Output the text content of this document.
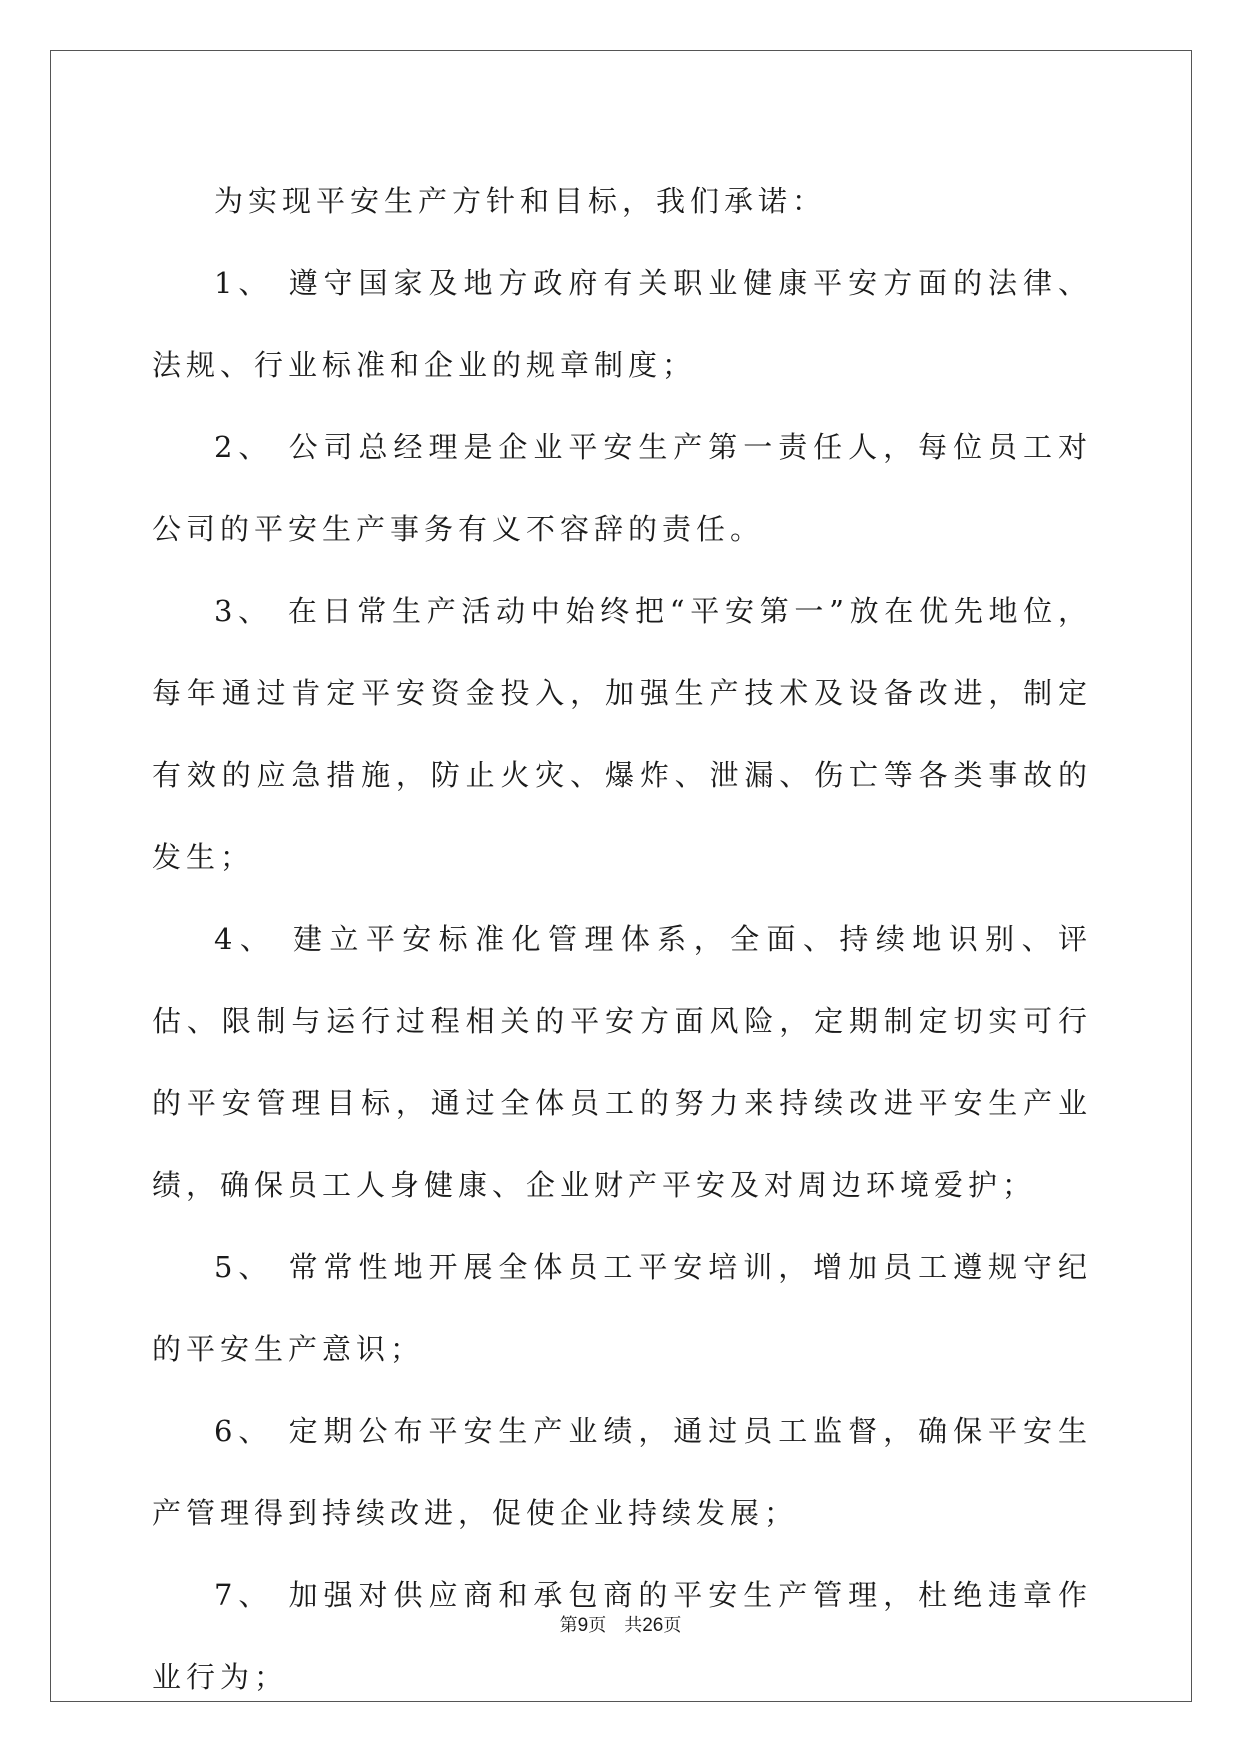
为实现平安生产方针和目标，我们承诺：

1、 遵守国家及地方政府有关职业健康平安方面的法律、法规、行业标准和企业的规章制度；

2、 公司总经理是企业平安生产第一责任人，每位员工对公司的平安生产事务有义不容辞的责任。

3、 在日常生产活动中始终把“平安第一”放在优先地位，每年通过肯定平安资金投入，加强生产技术及设备改进，制定有效的应急措施，防止火灾、爆炸、泄漏、伤亡等各类事故的发生；

4、 建立平安标准化管理体系，全面、持续地识别、评估、限制与运行过程相关的平安方面风险，定期制定切实可行的平安管理目标，通过全体员工的努力来持续改进平安生产业绩，确保员工人身健康、企业财产平安及对周边环境爱护；

5、 常常性地开展全体员工平安培训，增加员工遵规守纪的平安生产意识；

6、 定期公布平安生产业绩，通过员工监督，确保平安生产管理得到持续改进，促使企业持续发展；

7、 加强对供应商和承包商的平安生产管理，杜绝违章作业行为；

第9页 共26页
